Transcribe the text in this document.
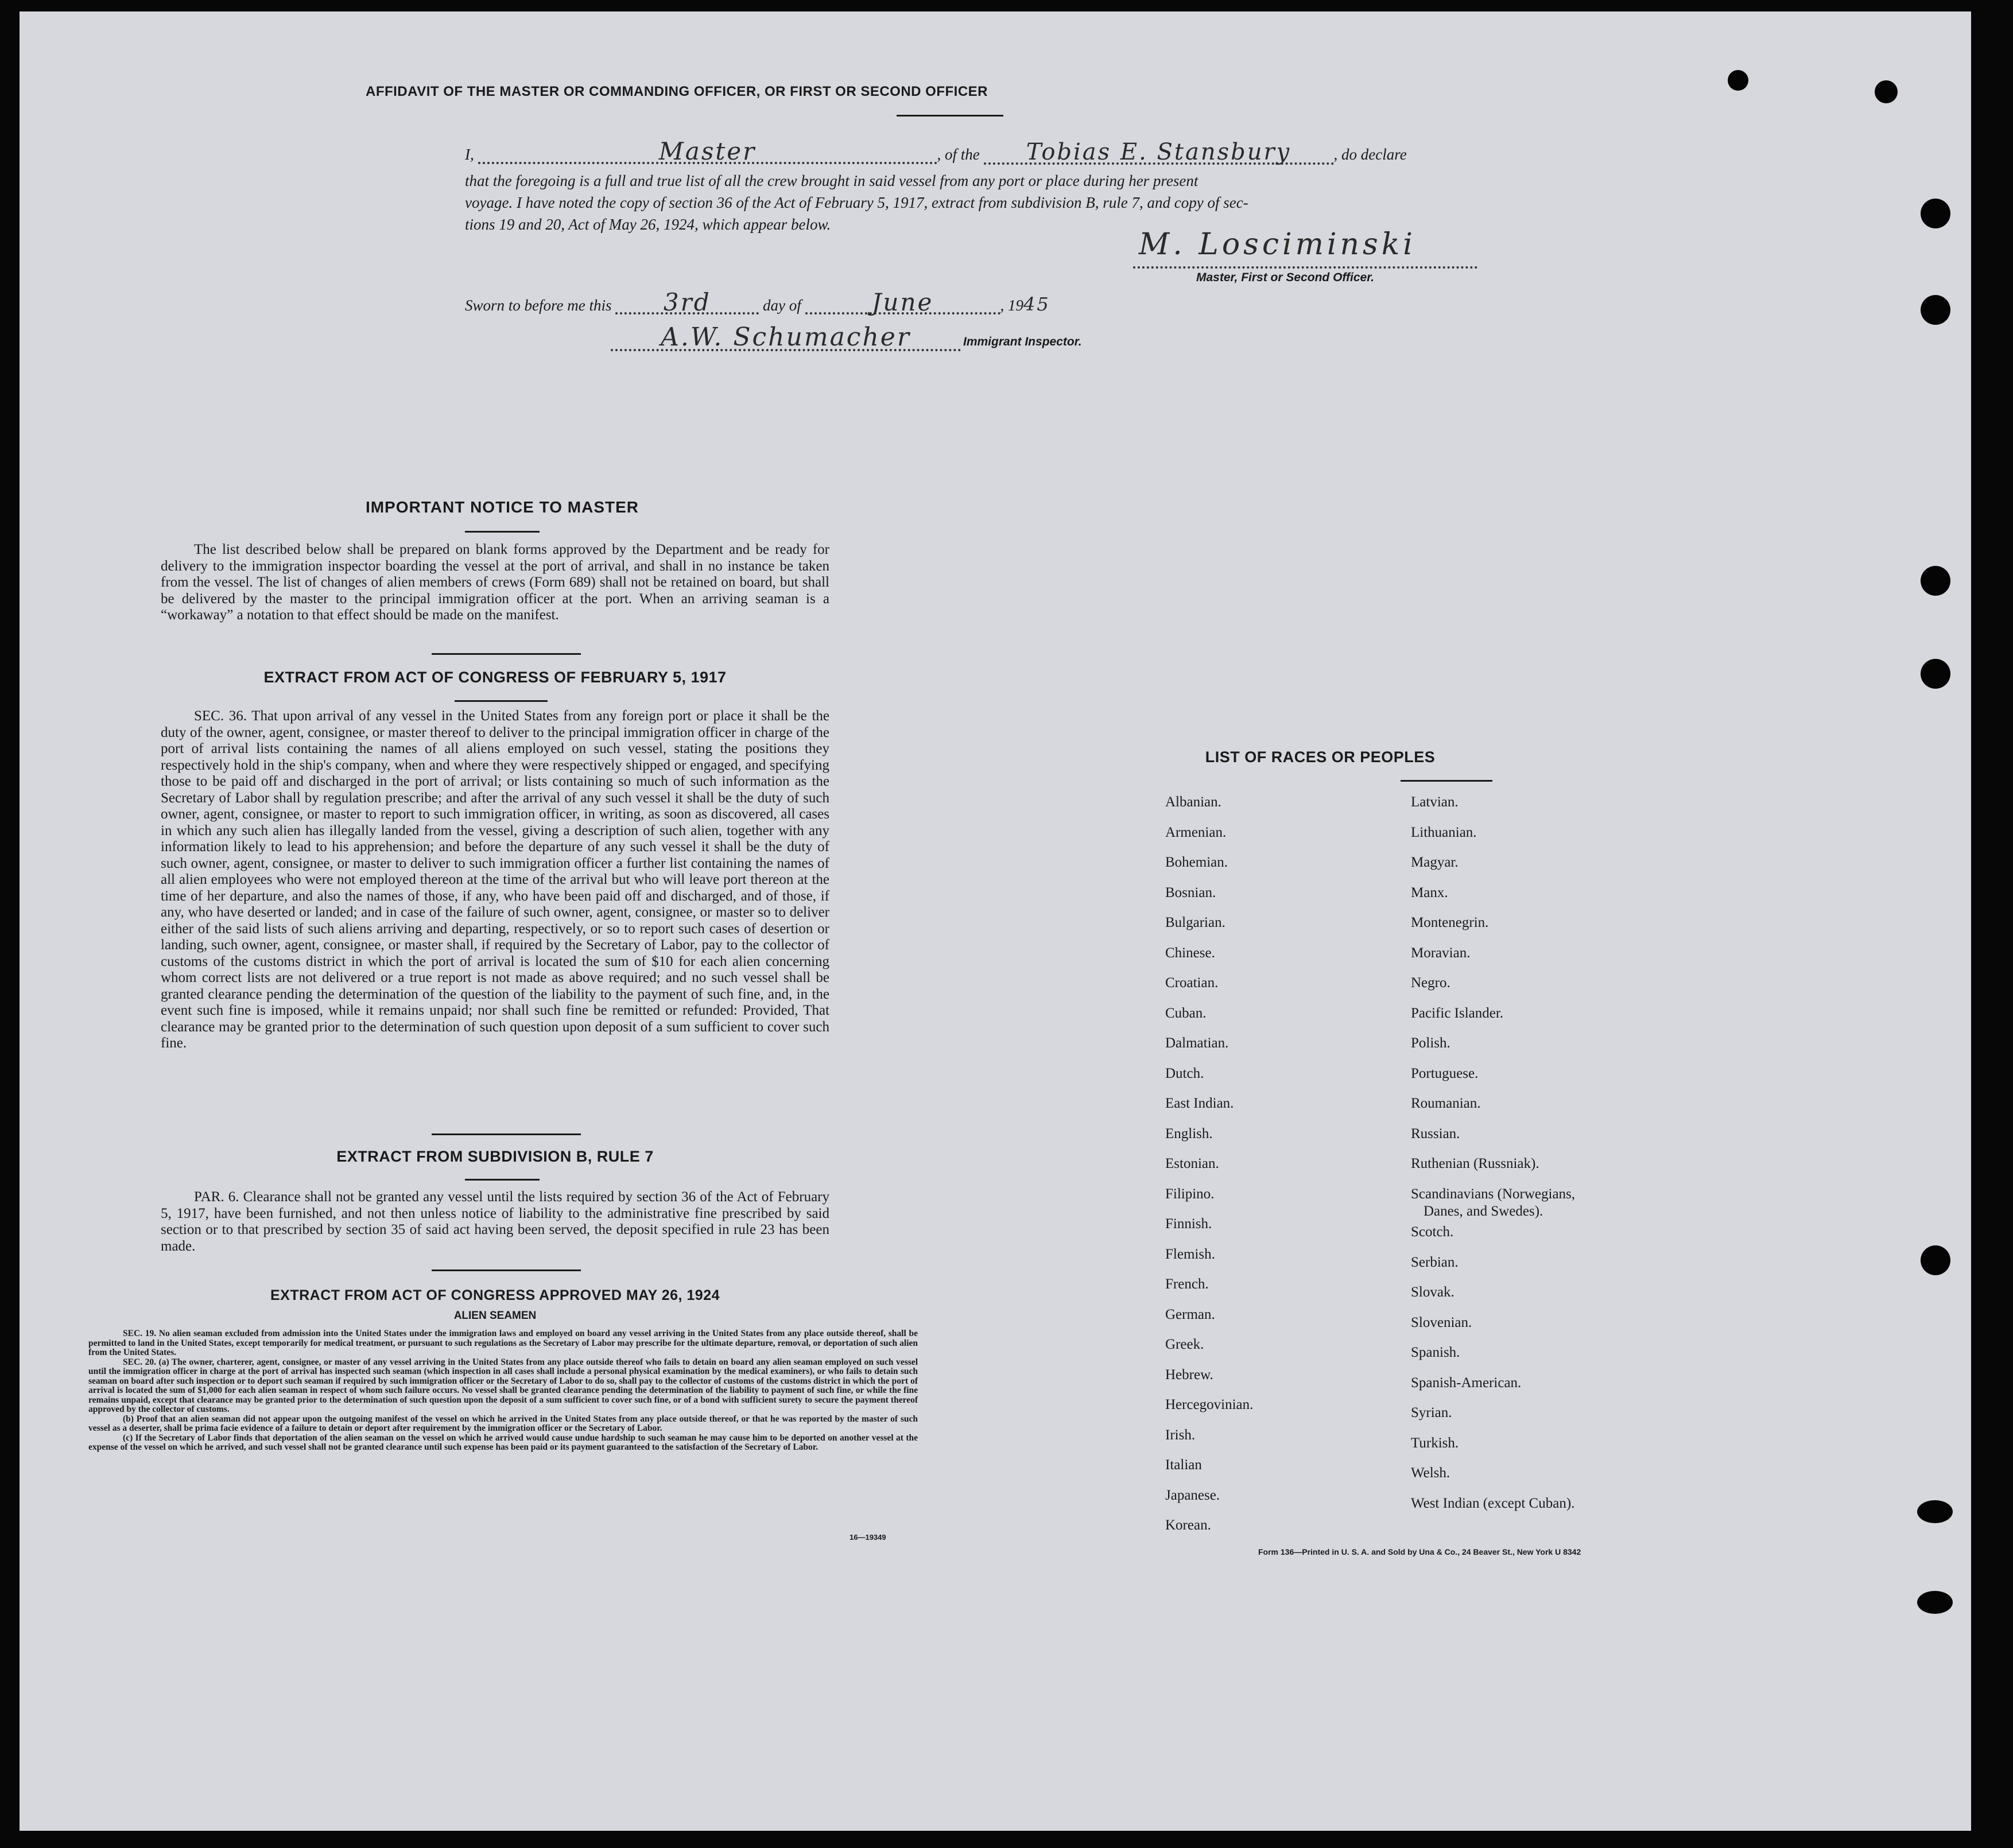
AFFIDAVIT OF THE MASTER OR COMMANDING OFFICER, OR FIRST OR SECOND OFFICER
I,	Master	, of the Tobias E. Stansbury	, do declare
that the foregoing is a full and true list of all the crew brought in said vessel from any port or place during her present
voyage. I have noted the copy of section 36 of the Act of February 5, 1917, extract from subdivision B, rule 7, and copy of sec-
tions 19 and 20, Act of May 26, 1924, which appear below.
M. Losciminski
Master, First or Second Officer.
Sworn to before me this 3rd	day of	June	, 1945
A.W. Schumacher	Immigrant Inspector.
IMPORTANT NOTICE TO MASTER
The list described below shall be prepared on blank forms approved by the Department and be ready for delivery to the immigration inspector boarding the vessel at the port of arrival, and shall in no instance be taken from the vessel. The list of changes of alien members of crews (Form 689) shall not be retained on board, but shall be delivered by the master to the principal immigration officer at the port. When an arriving seaman is a “workaway” a notation to that effect should be made on the manifest.
EXTRACT FROM ACT OF CONGRESS OF FEBRUARY 5, 1917
SEC. 36. That upon arrival of any vessel in the United States from any foreign port or place it shall be the duty of the owner, agent, consignee, or master thereof to deliver to the principal immigration officer in charge of the port of arrival lists containing the names of all aliens employed on such vessel, stating the positions they respectively hold in the ship's company, when and where they were respectively shipped or engaged, and specifying those to be paid off and discharged in the port of arrival; or lists containing so much of such information as the Secretary of Labor shall by regulation prescribe; and after the arrival of any such vessel it shall be the duty of such owner, agent, consignee, or master to report to such immigration officer, in writing, as soon as discovered, all cases in which any such alien has illegally landed from the vessel, giving a description of such alien, together with any information likely to lead to his apprehension; and before the departure of any such vessel it shall be the duty of such owner, agent, consignee, or master to deliver to such immigration officer a further list containing the names of all alien employees who were not employed thereon at the time of the arrival but who will leave port thereon at the time of her departure, and also the names of those, if any, who have been paid off and discharged, and of those, if any, who have deserted or landed; and in case of the failure of such owner, agent, consignee, or master so to deliver either of the said lists of such aliens arriving and departing, respectively, or so to report such cases of desertion or landing, such owner, agent, consignee, or master shall, if required by the Secretary of Labor, pay to the collector of customs of the customs district in which the port of arrival is located the sum of $10 for each alien concerning whom correct lists are not delivered or a true report is not made as above required; and no such vessel shall be granted clearance pending the determination of the question of the liability to the payment of such fine, and, in the event such fine is imposed, while it remains unpaid; nor shall such fine be remitted or refunded: Provided, That clearance may be granted prior to the determination of such question upon deposit of a sum sufficient to cover such fine.
EXTRACT FROM SUBDIVISION B, RULE 7
PAR. 6. Clearance shall not be granted any vessel until the lists required by section 36 of the Act of February 5, 1917, have been furnished, and not then unless notice of liability to the administrative fine prescribed by said section or to that prescribed by section 35 of said act having been served, the deposit specified in rule 23 has been made.
EXTRACT FROM ACT OF CONGRESS APPROVED MAY 26, 1924
ALIEN SEAMEN
SEC. 19. No alien seaman excluded from admission into the United States under the immigration laws and employed on board any vessel arriving in the United States from any place outside thereof, shall be permitted to land in the United States, except temporarily for medical treatment, or pursuant to such regulations as the Secretary of Labor may prescribe for the ultimate departure, removal, or deportation of such alien from the United States.
SEC. 20. (a) The owner, charterer, agent, consignee, or master of any vessel arriving in the United States from any place outside thereof who fails to detain on board any alien seaman employed on such vessel until the immigration officer in charge at the port of arrival has inspected such seaman (which inspection in all cases shall include a personal physical examination by the medical examiners), or who fails to detain such seaman on board after such inspection or to deport such seaman if required by such immigration officer or the Secretary of Labor to do so, shall pay to the collector of customs of the customs district in which the port of arrival is located the sum of $1,000 for each alien seaman in respect of whom such failure occurs. No vessel shall be granted clearance pending the determination of the liability to payment of such fine, or while the fine remains unpaid, except that clearance may be granted prior to the determination of such question upon the deposit of a sum sufficient to cover such fine, or of a bond with sufficient surety to secure the payment thereof approved by the collector of customs.
(b) Proof that an alien seaman did not appear upon the outgoing manifest of the vessel on which he arrived in the United States from any place outside thereof, or that he was reported by the master of such vessel as a deserter, shall be prima facie evidence of a failure to detain or deport after requirement by the immigration officer or the Secretary of Labor.
(c) If the Secretary of Labor finds that deportation of the alien seaman on the vessel on which he arrived would cause undue hardship to such seaman he may cause him to be deported on another vessel at the expense of the vessel on which he arrived, and such vessel shall not be granted clearance until such expense has been paid or its payment guaranteed to the satisfaction of the Secretary of Labor.
16—19349
LIST OF RACES OR PEOPLES
Albanian.
Armenian.
Bohemian.
Bosnian.
Bulgarian.
Chinese.
Croatian.
Cuban.
Dalmatian.
Dutch.
East Indian.
English.
Estonian.
Filipino.
Finnish.
Flemish.
French.
German.
Greek.
Hebrew.
Hercegovinian.
Irish.
Italian
Japanese.
Korean.
Latvian.
Lithuanian.
Magyar.
Manx.
Montenegrin.
Moravian.
Negro.
Pacific Islander.
Polish.
Portuguese.
Roumanian.
Russian.
Ruthenian (Russniak).
Scandinavians (Norwegians,
Danes, and Swedes).
Scotch.
Serbian.
Slovak.
Slovenian.
Spanish.
Spanish-American.
Syrian.
Turkish.
Welsh.
West Indian (except Cuban).
Form 136—Printed in U. S. A. and Sold by Una & Co., 24 Beaver St., New York U 8342
